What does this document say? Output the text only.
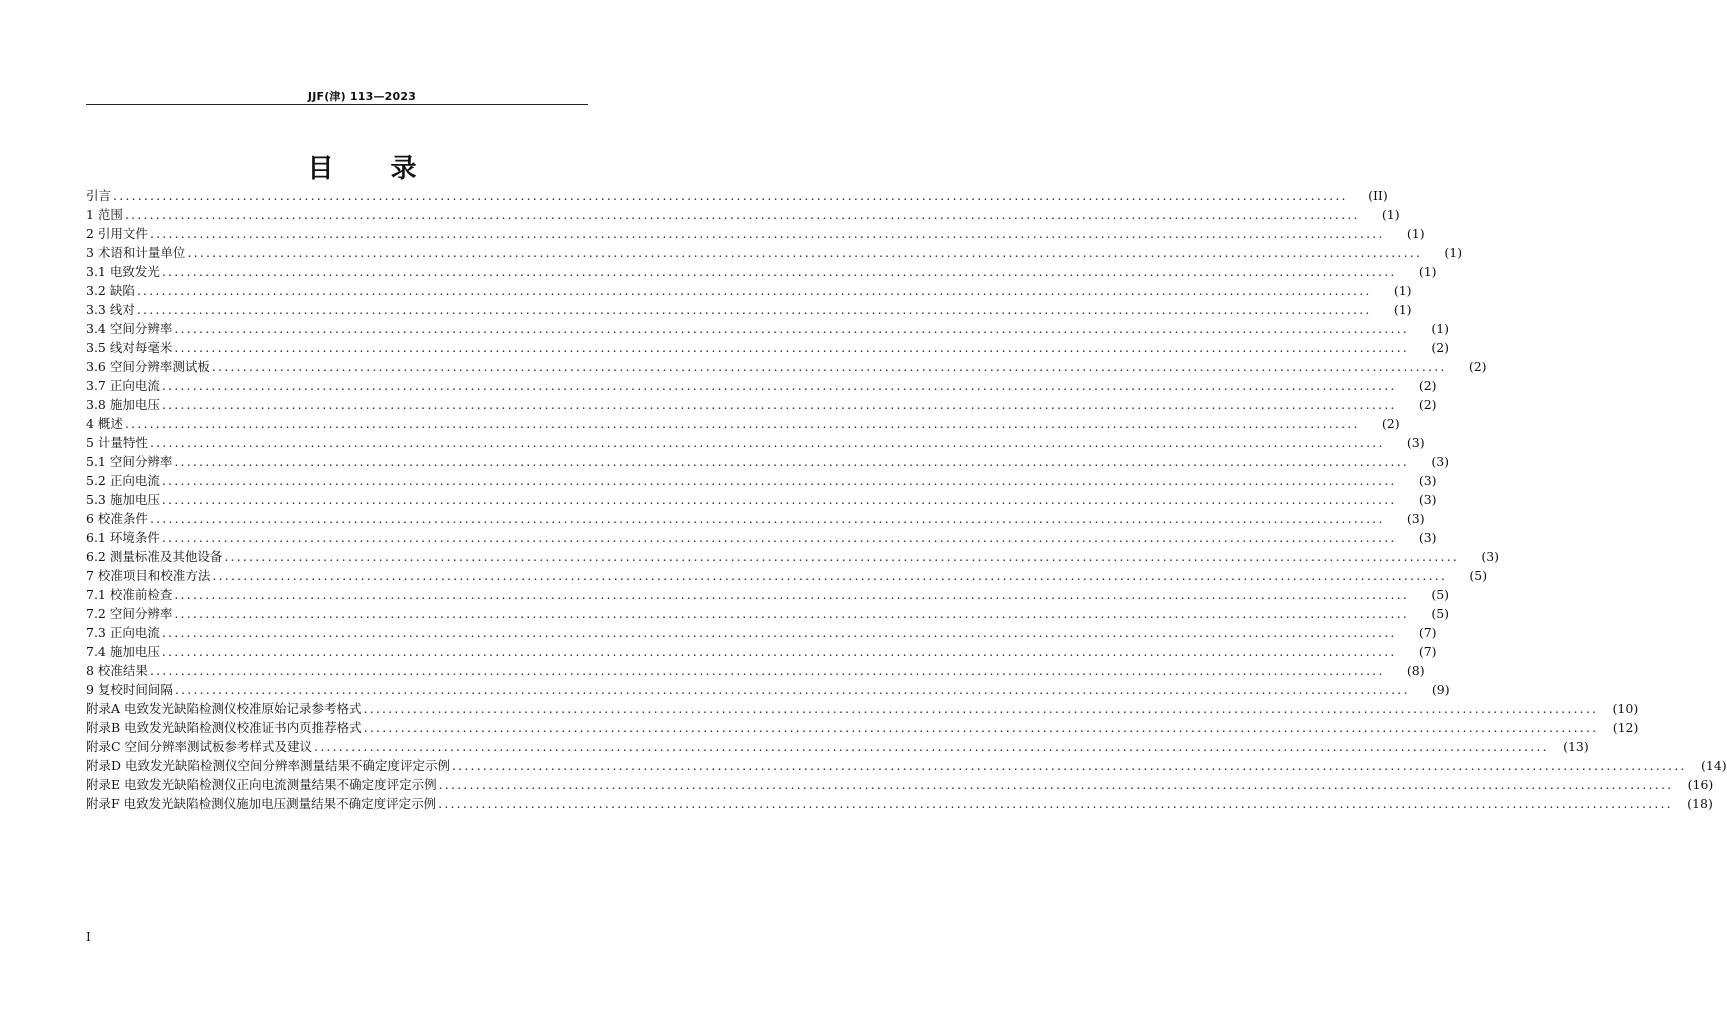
JJF(津) 113—2023
目 录
引言 ........................................................................................................................................................................................................	(II)
1 范围 ........................................................................................................................................................................................................	(1)
2 引用文件 ........................................................................................................................................................................................................	(1)
3 术语和计量单位 ........................................................................................................................................................................................................	(1)
3.1 电致发光 ........................................................................................................................................................................................................	(1)
3.2 缺陷 ........................................................................................................................................................................................................	(1)
3.3 线对 ........................................................................................................................................................................................................	(1)
3.4 空间分辨率 ........................................................................................................................................................................................................	(1)
3.5 线对每毫米 ........................................................................................................................................................................................................	(2)
3.6 空间分辨率测试板 ........................................................................................................................................................................................................	(2)
3.7 正向电流 ........................................................................................................................................................................................................	(2)
3.8 施加电压 ........................................................................................................................................................................................................	(2)
4 概述 ........................................................................................................................................................................................................	(2)
5 计量特性 ........................................................................................................................................................................................................	(3)
5.1 空间分辨率 ........................................................................................................................................................................................................	(3)
5.2 正向电流 ........................................................................................................................................................................................................	(3)
5.3 施加电压 ........................................................................................................................................................................................................	(3)
6 校准条件 ........................................................................................................................................................................................................	(3)
6.1 环境条件 ........................................................................................................................................................................................................	(3)
6.2 测量标准及其他设备 ........................................................................................................................................................................................................	(3)
7 校准项目和校准方法 ........................................................................................................................................................................................................	(5)
7.1 校准前检查 ........................................................................................................................................................................................................	(5)
7.2 空间分辨率 ........................................................................................................................................................................................................	(5)
7.3 正向电流 ........................................................................................................................................................................................................	(7)
7.4 施加电压 ........................................................................................................................................................................................................	(7)
8 校准结果 ........................................................................................................................................................................................................	(8)
9 复校时间间隔 ........................................................................................................................................................................................................	(9)
附录A 电致发光缺陷检测仪校准原始记录参考格式 ........................................................................................................................................................................................................	(10)
附录B 电致发光缺陷检测仪校准证书内页推荐格式 ........................................................................................................................................................................................................	(12)
附录C 空间分辨率测试板参考样式及建议 ........................................................................................................................................................................................................	(13)
附录D 电致发光缺陷检测仪空间分辨率测量结果不确定度评定示例 ........................................................................................................................................................................................................	(14)
附录E 电致发光缺陷检测仪正向电流测量结果不确定度评定示例 ........................................................................................................................................................................................................	(16)
附录F 电致发光缺陷检测仪施加电压测量结果不确定度评定示例 ........................................................................................................................................................................................................	(18)
I
